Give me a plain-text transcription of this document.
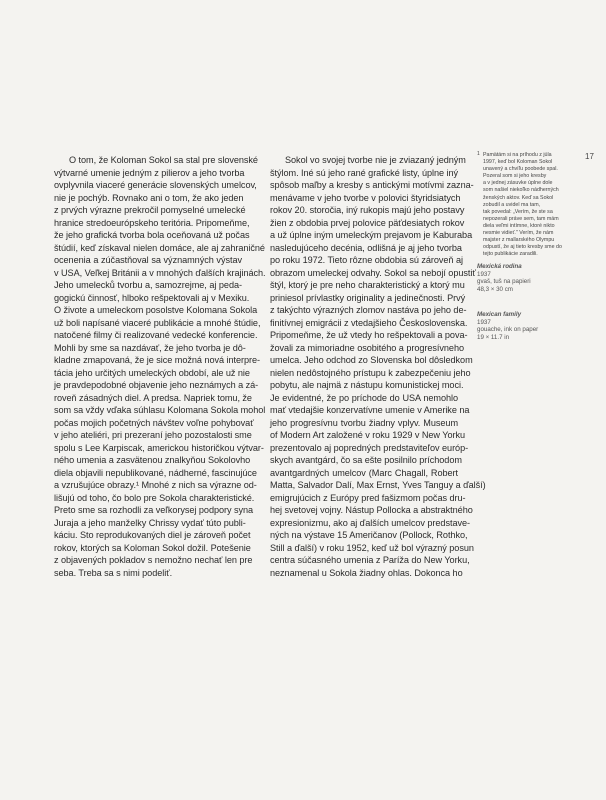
O tom, že Koloman Sokol sa stal pre slovenské
výtvarné umenie jedným z pilierov a jeho tvorba
ovplyvnila viaceré generácie slovenských umelcov,
nie je pochýb. Rovnako ani o tom, že ako jeden
z prvých výrazne prekročil pomyselné umelecké
hranice stredoeurópskeho teritória. Pripomeňme,
že jeho grafická tvorba bola oceňovaná už počas
štúdií, keď získaval nielen domáce, ale aj zahraničné
ocenenia a zúčastňoval sa významných výstav
v USA, Veľkej Británii a v mnohých ďalších krajinách.
Jeho umelecků tvorbu a, samozrejme, aj peda-
gogickú činnosť, hlboko rešpektovali aj v Mexiku.
O živote a umeleckom posolstve Kolomana Sokola
už boli napísané viaceré publikácie a mnohé štúdie,
natočené filmy či realizované vedecké konferencie.
Mohli by sme sa nazdávať, že jeho tvorba je dô-
kladne zmapovaná, že je sice možná nová interpre-
tácia jeho určitých umeleckých období, ale už nie
je pravdepodobné objavenie jeho neznámych a zá-
roveň zásadných diel. A predsa. Napriek tomu, že
som sa vždy vďaka súhlasu Kolomana Sokola mohol
počas mojich početných návštev voľne pohybovať
v jeho ateliéri, pri prezeraní jeho pozostalosti sme
spolu s Lee Karpiscak, americkou historičkou výtvar-
ného umenia a zasvätenou znalkyňou Sokolovho
diela objavili nepublikované, nádherné, fascinujúce
a vzrušujúce obrazy.¹ Mnohé z nich sa výrazne od-
lišujú od toho, čo bolo pre Sokola charakteristické.
Preto sme sa rozhodli za veľkorysej podpory syna
Juraja a jeho manželky Chrissy vydať túto publi-
káciu. Sto reprodukovaných diel je zároveň počet
rokov, ktorých sa Koloman Sokol dožil. Potešenie
z objavených pokladov s nemožno nechať len pre
seba. Treba sa s nimi podeliť.
Sokol vo svojej tvorbe nie je zviazaný jedným
štýlom. Iné sú jeho rané grafické listy, úplne iný
spôsob maľby a kresby s antickými motívmi zazna-
menávame v jeho tvorbe v polovici štyridsiatych
rokov 20. storočia, iný rukopis majú jeho postavy
žien z obdobia prvej polovice päťdesiatych rokov
a už úplne iným umeleckým prejavom je Kaburaba
nasledujúceho decénia, odlišná je aj jeho tvorba
po roku 1972. Tieto rôzne obdobia sú zároveň aj
obrazom umeleckej odvahy. Sokol sa nebojí opustiť
štýl, ktorý je pre neho charakteristický a ktorý mu
priniesol prívlastky originality a jedinečnosti. Prvý
z takýchto výrazných zlomov nastáva po jeho de-
finitívnej emigrácii z vtedajšieho Československa.
Pripomeňme, že už vtedy ho rešpektovali a pova-
žovali za mimoriadne osobitého a progresívneho
umelca. Jeho odchod zo Slovenska bol dôsledkom
nielen nedôstojného prístupu k zabezpečeniu jeho
pobytu, ale najmä z nástupu komunistickej moci.
Je evidentné, že po príchode do USA nemohlo
mať vtedajšie konzervatívne umenie v Amerike na
jeho progresívnu tvorbu žiadny vplyv. Museum
of Modern Art založené v roku 1929 v New Yorku
prezentovalo aj popredných predstaviteľov európ-
skych avantgárd, čo sa ešte posilnilo príchodom
avantgardných umelcov (Marc Chagall, Robert
Matta, Salvador Dalí, Max Ernst, Yves Tanguy a ďalší)
emigrujúcich z Európy pred fašizmom počas dru-
hej svetovej vojny. Nástup Pollocka a abstraktného
expresionizmu, ako aj ďalších umelcov predstave-
ných na výstave 15 Američanov (Pollock, Rothko,
Still a ďalší) v roku 1952, keď už bol výrazný posun
centra súčasného umenia z Paríža do New Yorku,
neznamenal u Sokola žiadny ohlas. Dokonca ho
17
1 Pamätám si na príhodu z júla
1997, keď bol Koloman Sokol
unavený a chvíľu poobede spal.
Pozeral som si jeho kresby
a v jednej zásuvke úplne dole
som našiel niekoľko nádherných
ženských aktov. Keď sa Sokol
zobudil a uvidel ma tam,
tak povedal: „Verím, že ste sa
nepozerali práve sem, tam mám
diela veľmi intímne, ktoré nikto
nesmie vidieť." Verím, že nám
majster z mallarského Olympu
odpustí, že aj tieto kresby sme do
tejto publikácie zaradili.
Mexická rodina
1937
gvaš, tuš na papieri
48,3 × 30 cm
Mexican family
1937
gouache, ink on paper
19 × 11.7 in
